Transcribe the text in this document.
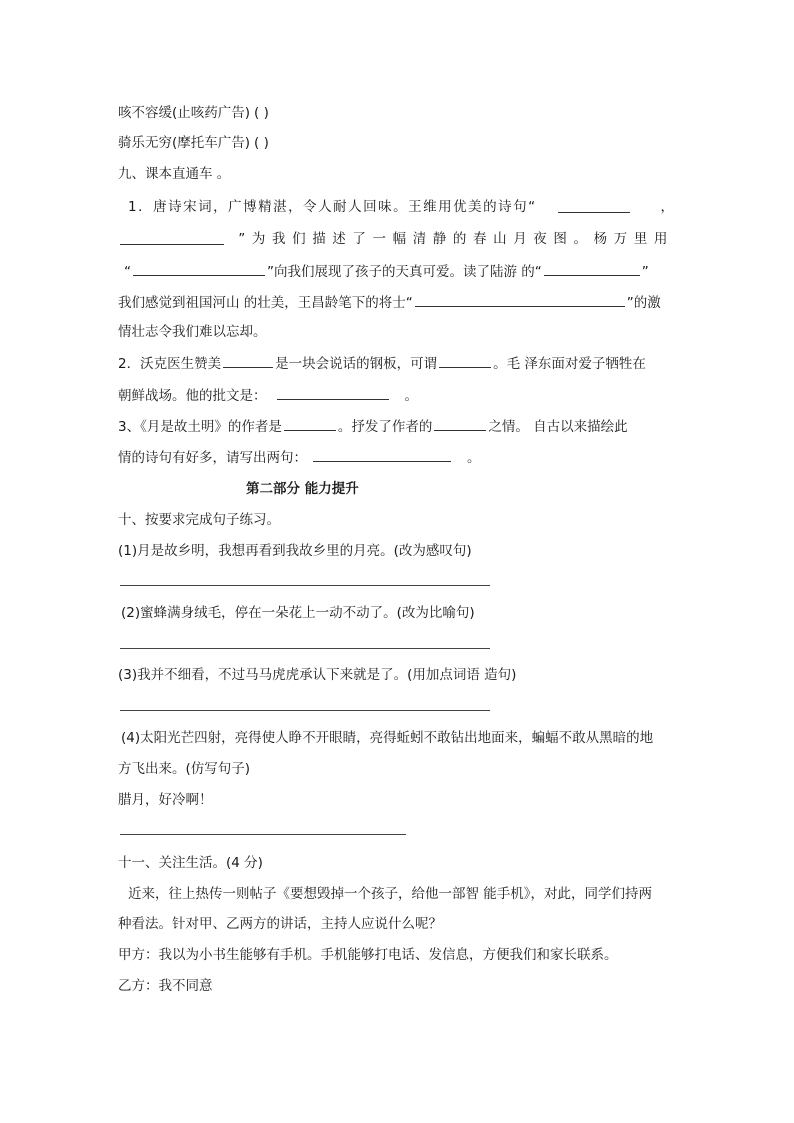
咳不容缓(止咳药广告) ( )
骑乐无穷(摩托车广告) ( )
九、课本直通车 。
1．唐诗宋词，广博精湛，令人耐人回味。王维用优美的诗句“	，
”为我们描述了一幅清静的春山月夜图。杨万里用
“	”向我们展现了孩子的天真可爱。读了陆游 的“	”
我们感觉到祖国河山 的壮美，王昌龄笔下的将士“	”的激
情壮志令我们难以忘却。
2．沃克医生赞美	是一块会说话的钢板，可谓	。毛 泽东面对爱子牺牲在
朝鲜战场。他的批文是：	。
3、《月是故土明》的作者是	。抒发了作者的	之情。 自古以来描绘此
情的诗句有好多，请写出两句：	。
第二部分 能力提升
十、按要求完成句子练习。
(1)月是故乡明，我想再看到我故乡里的月亮。(改为感叹句)
(2)蜜蜂满身绒毛，停在一朵花上一动不动了。(改为比喻句)
(3)我并不细看，不过马马虎虎承认下来就是了。(用加点词语 造句)
(4)太阳光芒四射，亮得使人睁不开眼睛，亮得蚯蚓不敢钻出地面来，蝙蝠不敢从黑暗的地
方飞出来。(仿写句子)
腊月，好冷啊！
十一、关注生活。(4 分)
近来，往上热传一则帖子《要想毁掉一个孩子，给他一部智 能手机》，对此，同学们持两
种看法。针对甲、乙两方的讲话，主持人应说什么呢？
甲方：我以为小书生能够有手机。手机能够打电话、发信息，方便我们和家长联系。
乙方：我不同意
